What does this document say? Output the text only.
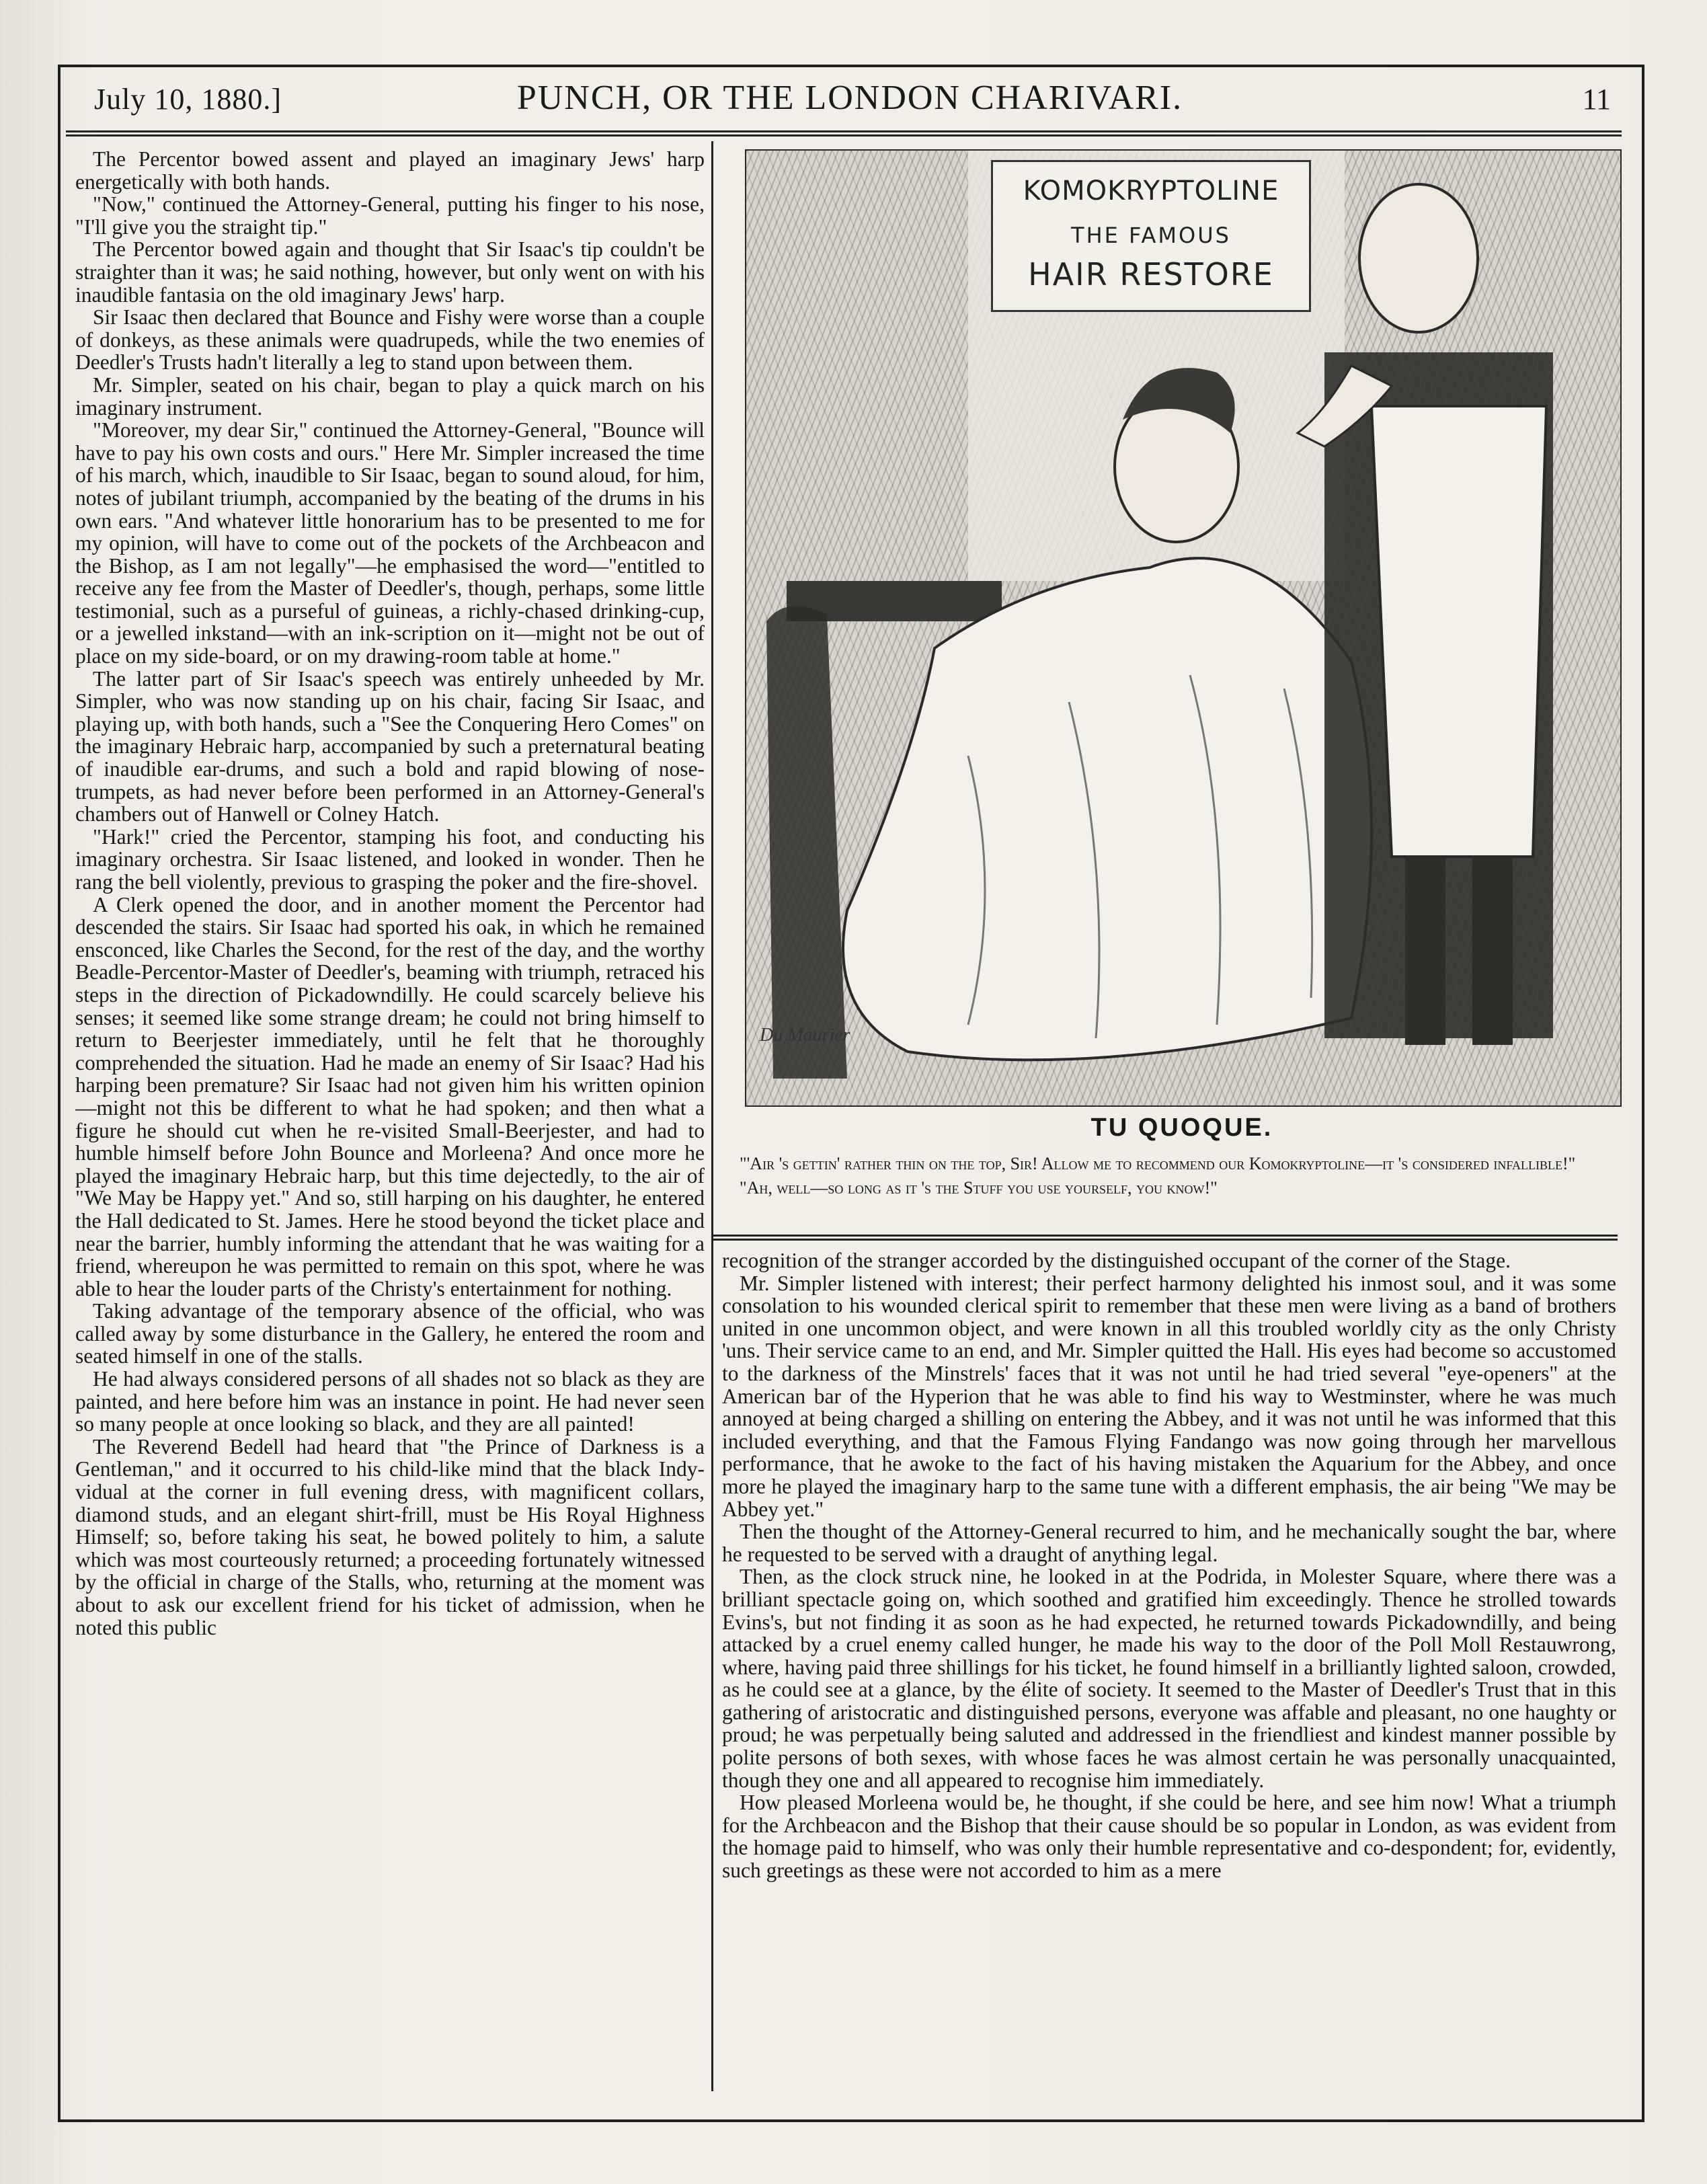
July 10, 1880.]	PUNCH, OR THE LONDON CHARIVARI.	11

The Percentor bowed assent and played an imaginary Jews' harp energetically with both hands.

"Now," continued the Attorney-General, putting his finger to his nose, "I'll give you the straight tip."

The Percentor bowed again and thought that Sir Isaac's tip couldn't be straighter than it was; he said nothing, however, but only went on with his inaudible fantasia on the old imaginary Jews' harp.

Sir Isaac then declared that Bounce and Fishy were worse than a couple of donkeys, as these animals were quadrupeds, while the two enemies of Deedler's Trusts hadn't literally a leg to stand upon between them.

Mr. Simpler, seated on his chair, began to play a quick march on his imaginary instrument.

"Moreover, my dear Sir," continued the Attorney-General, "Bounce will have to pay his own costs and ours." Here Mr. Simpler increased the time of his march, which, inaudible to Sir Isaac, began to sound aloud, for him, notes of jubilant triumph, accompanied by the beating of the drums in his own ears. "And whatever little honorarium has to be presented to me for my opinion, will have to come out of the pockets of the Archbeacon and the Bishop, as I am not legally"—he emphasised the word—"entitled to receive any fee from the Master of Deedler's, though, perhaps, some little testimonial, such as a purseful of guineas, a richly-chased drinking-cup, or a jewelled inkstand—with an ink-scription on it—might not be out of place on my side-board, or on my drawing-room table at home."

The latter part of Sir Isaac's speech was entirely unheeded by Mr. Simpler, who was now standing up on his chair, facing Sir Isaac, and playing up, with both hands, such a "See the Conquering Hero Comes" on the imaginary Hebraic harp, accompanied by such a preternatural beating of inaudible ear-drums, and such a bold and rapid blowing of nose-trumpets, as had never before been performed in an Attorney-General's chambers out of Hanwell or Colney Hatch.

"Hark!" cried the Percentor, stamping his foot, and conducting his imaginary orchestra. Sir Isaac listened, and looked in wonder. Then he rang the bell violently, previous to grasping the poker and the fire-shovel.

A Clerk opened the door, and in another moment the Percentor had descended the stairs. Sir Isaac had sported his oak, in which he remained ensconced, like Charles the Second, for the rest of the day, and the worthy Beadle-Percentor-Master of Deedler's, beaming with triumph, retraced his steps in the direction of Pickadowndilly. He could scarcely believe his senses; it seemed like some strange dream; he could not bring himself to return to Beerjester immediately, until he felt that he thoroughly comprehended the situation. Had he made an enemy of Sir Isaac? Had his harping been premature? Sir Isaac had not given him his written opinion—might not this be different to what he had spoken; and then what a figure he should cut when he re-visited Small-Beerjester, and had to humble himself before John Bounce and Morleena? And once more he played the imaginary Hebraic harp, but this time dejectedly, to the air of "We May be Happy yet." And so, still harping on his daughter, he entered the Hall dedicated to St. James. Here he stood beyond the ticket place and near the barrier, humbly informing the attendant that he was waiting for a friend, whereupon he was permitted to remain on this spot, where he was able to hear the louder parts of the Christy's entertainment for nothing.

Taking advantage of the temporary absence of the official, who was called away by some disturbance in the Gallery, he entered the room and seated himself in one of the stalls.

He had always considered persons of all shades not so black as they are painted, and here before him was an instance in point. He had never seen so many people at once looking so black, and they are all painted!

The Reverend Bedell had heard that "the Prince of Darkness is a Gentleman," and it occurred to his child-like mind that the black Indy-vidual at the corner in full evening dress, with magnificent collars, diamond studs, and an elegant shirt-frill, must be His Royal Highness Himself; so, before taking his seat, he bowed politely to him, a salute which was most courteously returned; a proceeding fortunately witnessed by the official in charge of the Stalls, who, returning at the moment was about to ask our excellent friend for his ticket of admission, when he noted this public

KOMOKRYPTOLINE
THE FAMOUS
HAIR RESTORE
Du Maurier
TU QUOQUE.

"'Air 's gettin' rather thin on the top, Sir! Allow me to recommend our Komokryptoline—it 's considered infallible!"

"Ah, well—so long as it 's the Stuff you use yourself, you know!"

recognition of the stranger accorded by the distinguished occupant of the corner of the Stage.

Mr. Simpler listened with interest; their perfect harmony delighted his inmost soul, and it was some consolation to his wounded clerical spirit to remember that these men were living as a band of brothers united in one uncommon object, and were known in all this troubled worldly city as the only Christy 'uns. Their service came to an end, and Mr. Simpler quitted the Hall. His eyes had become so accustomed to the darkness of the Minstrels' faces that it was not until he had tried several "eye-openers" at the American bar of the Hyperion that he was able to find his way to Westminster, where he was much annoyed at being charged a shilling on entering the Abbey, and it was not until he was informed that this included everything, and that the Famous Flying Fandango was now going through her marvellous performance, that he awoke to the fact of his having mistaken the Aquarium for the Abbey, and once more he played the imaginary harp to the same tune with a different emphasis, the air being "We may be Abbey yet."

Then the thought of the Attorney-General recurred to him, and he mechanically sought the bar, where he requested to be served with a draught of anything legal.

Then, as the clock struck nine, he looked in at the Podrida, in Molester Square, where there was a brilliant spectacle going on, which soothed and gratified him exceedingly. Thence he strolled towards Evins's, but not finding it as soon as he had expected, he returned towards Pickadowndilly, and being attacked by a cruel enemy called hunger, he made his way to the door of the Poll Moll Restauwrong, where, having paid three shillings for his ticket, he found himself in a brilliantly lighted saloon, crowded, as he could see at a glance, by the élite of society. It seemed to the Master of Deedler's Trust that in this gathering of aristocratic and distinguished persons, everyone was affable and pleasant, no one haughty or proud; he was perpetually being saluted and addressed in the friendliest and kindest manner possible by polite persons of both sexes, with whose faces he was almost certain he was personally unacquainted, though they one and all appeared to recognise him immediately.

How pleased Morleena would be, he thought, if she could be here, and see him now! What a triumph for the Archbeacon and the Bishop that their cause should be so popular in London, as was evident from the homage paid to himself, who was only their humble representative and co-despondent; for, evidently, such greetings as these were not accorded to him as a mere
